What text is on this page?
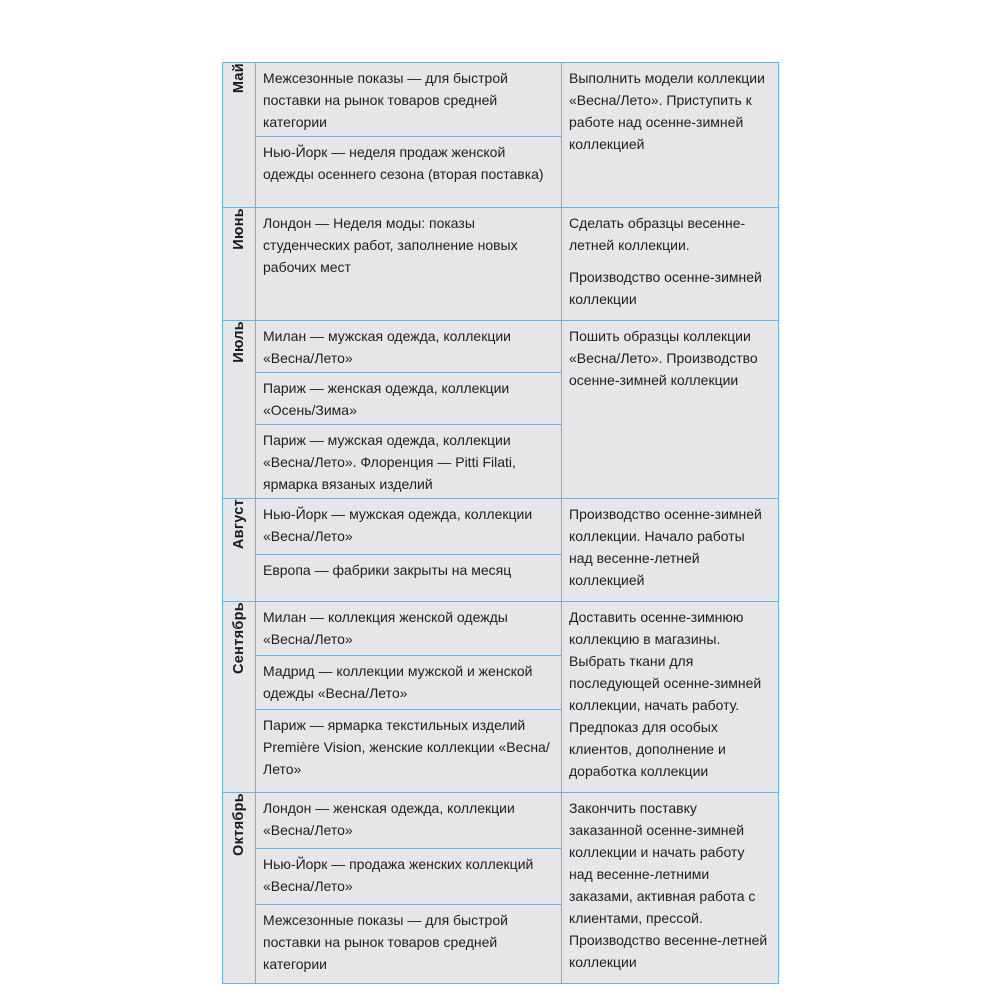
Май	Межсезонные показы — для быстрой поставки на рынок товаров средней категории	Выполнить модели коллекции «Весна/Лето». Приступить к работе над осенне-зимней коллекцией

	Нью-Йорк — неделя продаж женской одежды осеннего сезона (вторая поставка)	

Июнь	Лондон — Неделя моды: показы студенческих работ, заполнение новых рабочих мест	Сделать образцы весенне-летней коллекции.

Производство осенне-зимней коллекции

Июль	Милан — мужская одежда, коллекции «Весна/Лето»	Пошить образцы коллекции «Весна/Лето». Производство осенне-зимней коллекции

	Париж — женская одежда, коллекции «Осень/Зима»	

	Париж — мужская одежда, коллекции «Весна/Лето». Флоренция — Pitti Filati, ярмарка вязаных изделий	

Август	Нью-Йорк — мужская одежда, коллекции «Весна/Лето»	Производство осенне-зимней коллекции. Начало работы над весенне-летней коллекцией

	Европа — фабрики закрыты на месяц	

Сентябрь	Милан — коллекция женской одежды «Весна/Лето»	Доставить осенне-зимнюю коллекцию в магазины. Выбрать ткани для последующей осенне-зимней коллекции, начать работу. Предпоказ для особых клиентов, дополнение и доработка коллекции

	Мадрид — коллекции мужской и женской одежды «Весна/Лето»	

	Париж — ярмарка текстильных изделий Première Vision, женские коллекции «Весна/Лето»	

Октябрь	Лондон — женская одежда, коллекции «Весна/Лето»	Закончить поставку заказанной осенне-зимней коллекции и начать работу над весенне-летними заказами, активная работа с клиентами, прессой. Производство весенне-летней коллекции

	Нью-Йорк — продажа женских коллекций «Весна/Лето»	

	Межсезонные показы — для быстрой поставки на рынок товаров средней категории	
